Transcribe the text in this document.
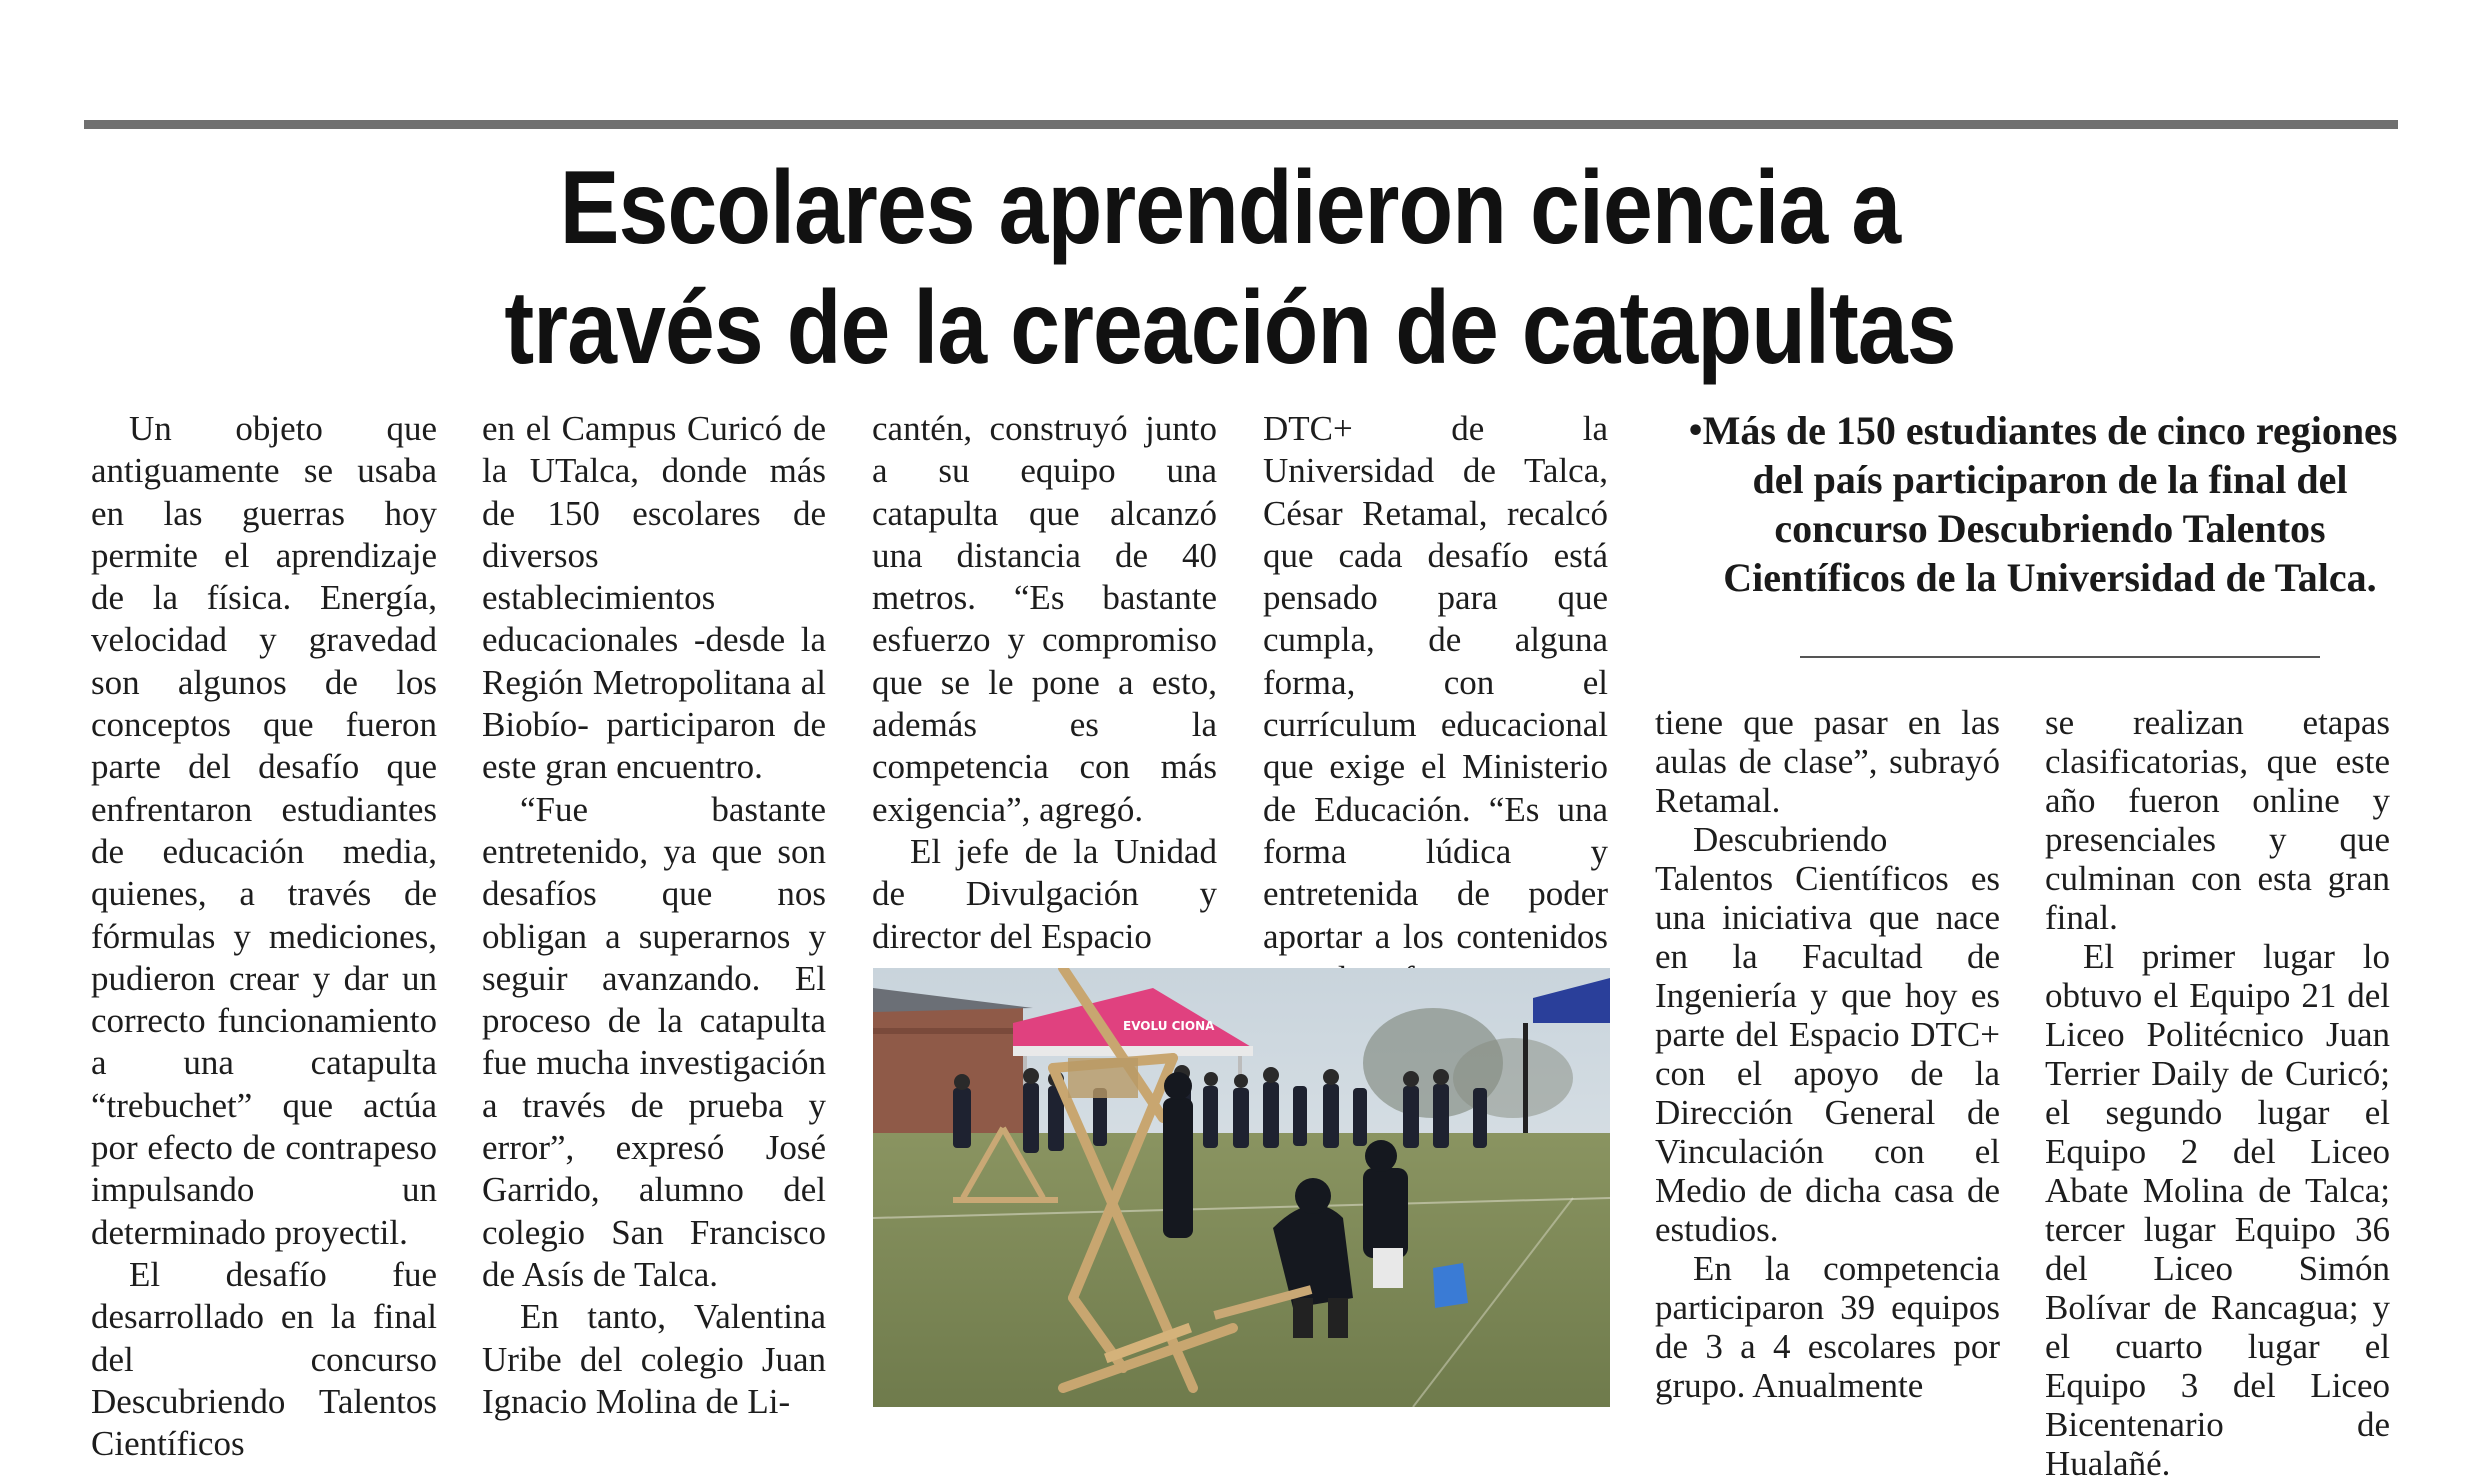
Escolares aprendieron ciencia a
través de la creación de catapultas

Un objeto que antiguamente se usaba en las guerras hoy permite el aprendizaje de la física. Energía, velocidad y gravedad son algunos de los conceptos que fueron parte del desafío que enfrentaron estudiantes de educación media, quienes, a través de fórmulas y mediciones, pudieron crear y dar un correcto funcionamiento a una catapulta “trebuchet” que actúa por efecto de contrapeso impulsando un determinado proyectil.

El desafío fue desarrollado en la final del concurso Descubriendo Talentos Científicos

en el Campus Curicó de la UTalca, donde más de 150 escolares de diversos establecimientos educacionales -desde la Región Metropolitana al Biobío- participaron de este gran encuentro.

“Fue bastante entretenido, ya que son desafíos que nos obligan a superarnos y seguir avanzando. El proceso de la catapulta fue mucha investigación a través de prueba y error”, expresó José Garrido, alumno del colegio San Francisco de Asís de Talca.

En tanto, Valentina Uribe del colegio Juan Ignacio Molina de Li-

cantén, construyó junto a su equipo una catapulta que alcanzó una distancia de 40 metros. “Es bastante esfuerzo y compromiso que se le pone a esto, además es la competencia con más exigencia”, agregó.

El jefe de la Unidad de Divulgación y director del Espacio

DTC+ de la Universidad de Talca, César Retamal, recalcó que cada desafío está pensado para que cumpla, de alguna forma, con el currículum educacional que exige el Ministerio de Educación. “Es una forma lúdica y entretenida de poder aportar a los contenidos

EVOLU CIONA
•
Más de 150 estudiantes de cinco regiones del país participaron de la final del concurso Descubriendo Talentos Científicos de la Universidad de Talca.

tiene que pasar en las aulas de clase”, subrayó Retamal.

Descubriendo Talentos Científicos es una iniciativa que nace en la Facultad de Ingeniería y que hoy es parte del Espacio DTC+ con el apoyo de la Dirección General de Vinculación con el Medio de dicha casa de estudios.

En la competencia participaron 39 equipos de 3 a 4 escolares por grupo. Anualmente

se realizan etapas clasificatorias, que este año fueron online y presenciales y que culminan con esta gran final.

El primer lugar lo obtuvo el Equipo 21 del Liceo Politécnico Juan Terrier Daily de Curicó; el segundo lugar el Equipo 2 del Liceo Abate Molina de Talca; tercer lugar Equipo 36 del Liceo Simón Bolívar de Rancagua; y el cuarto lugar el Equipo 3 del Liceo Bicentenario de Hualañé.
